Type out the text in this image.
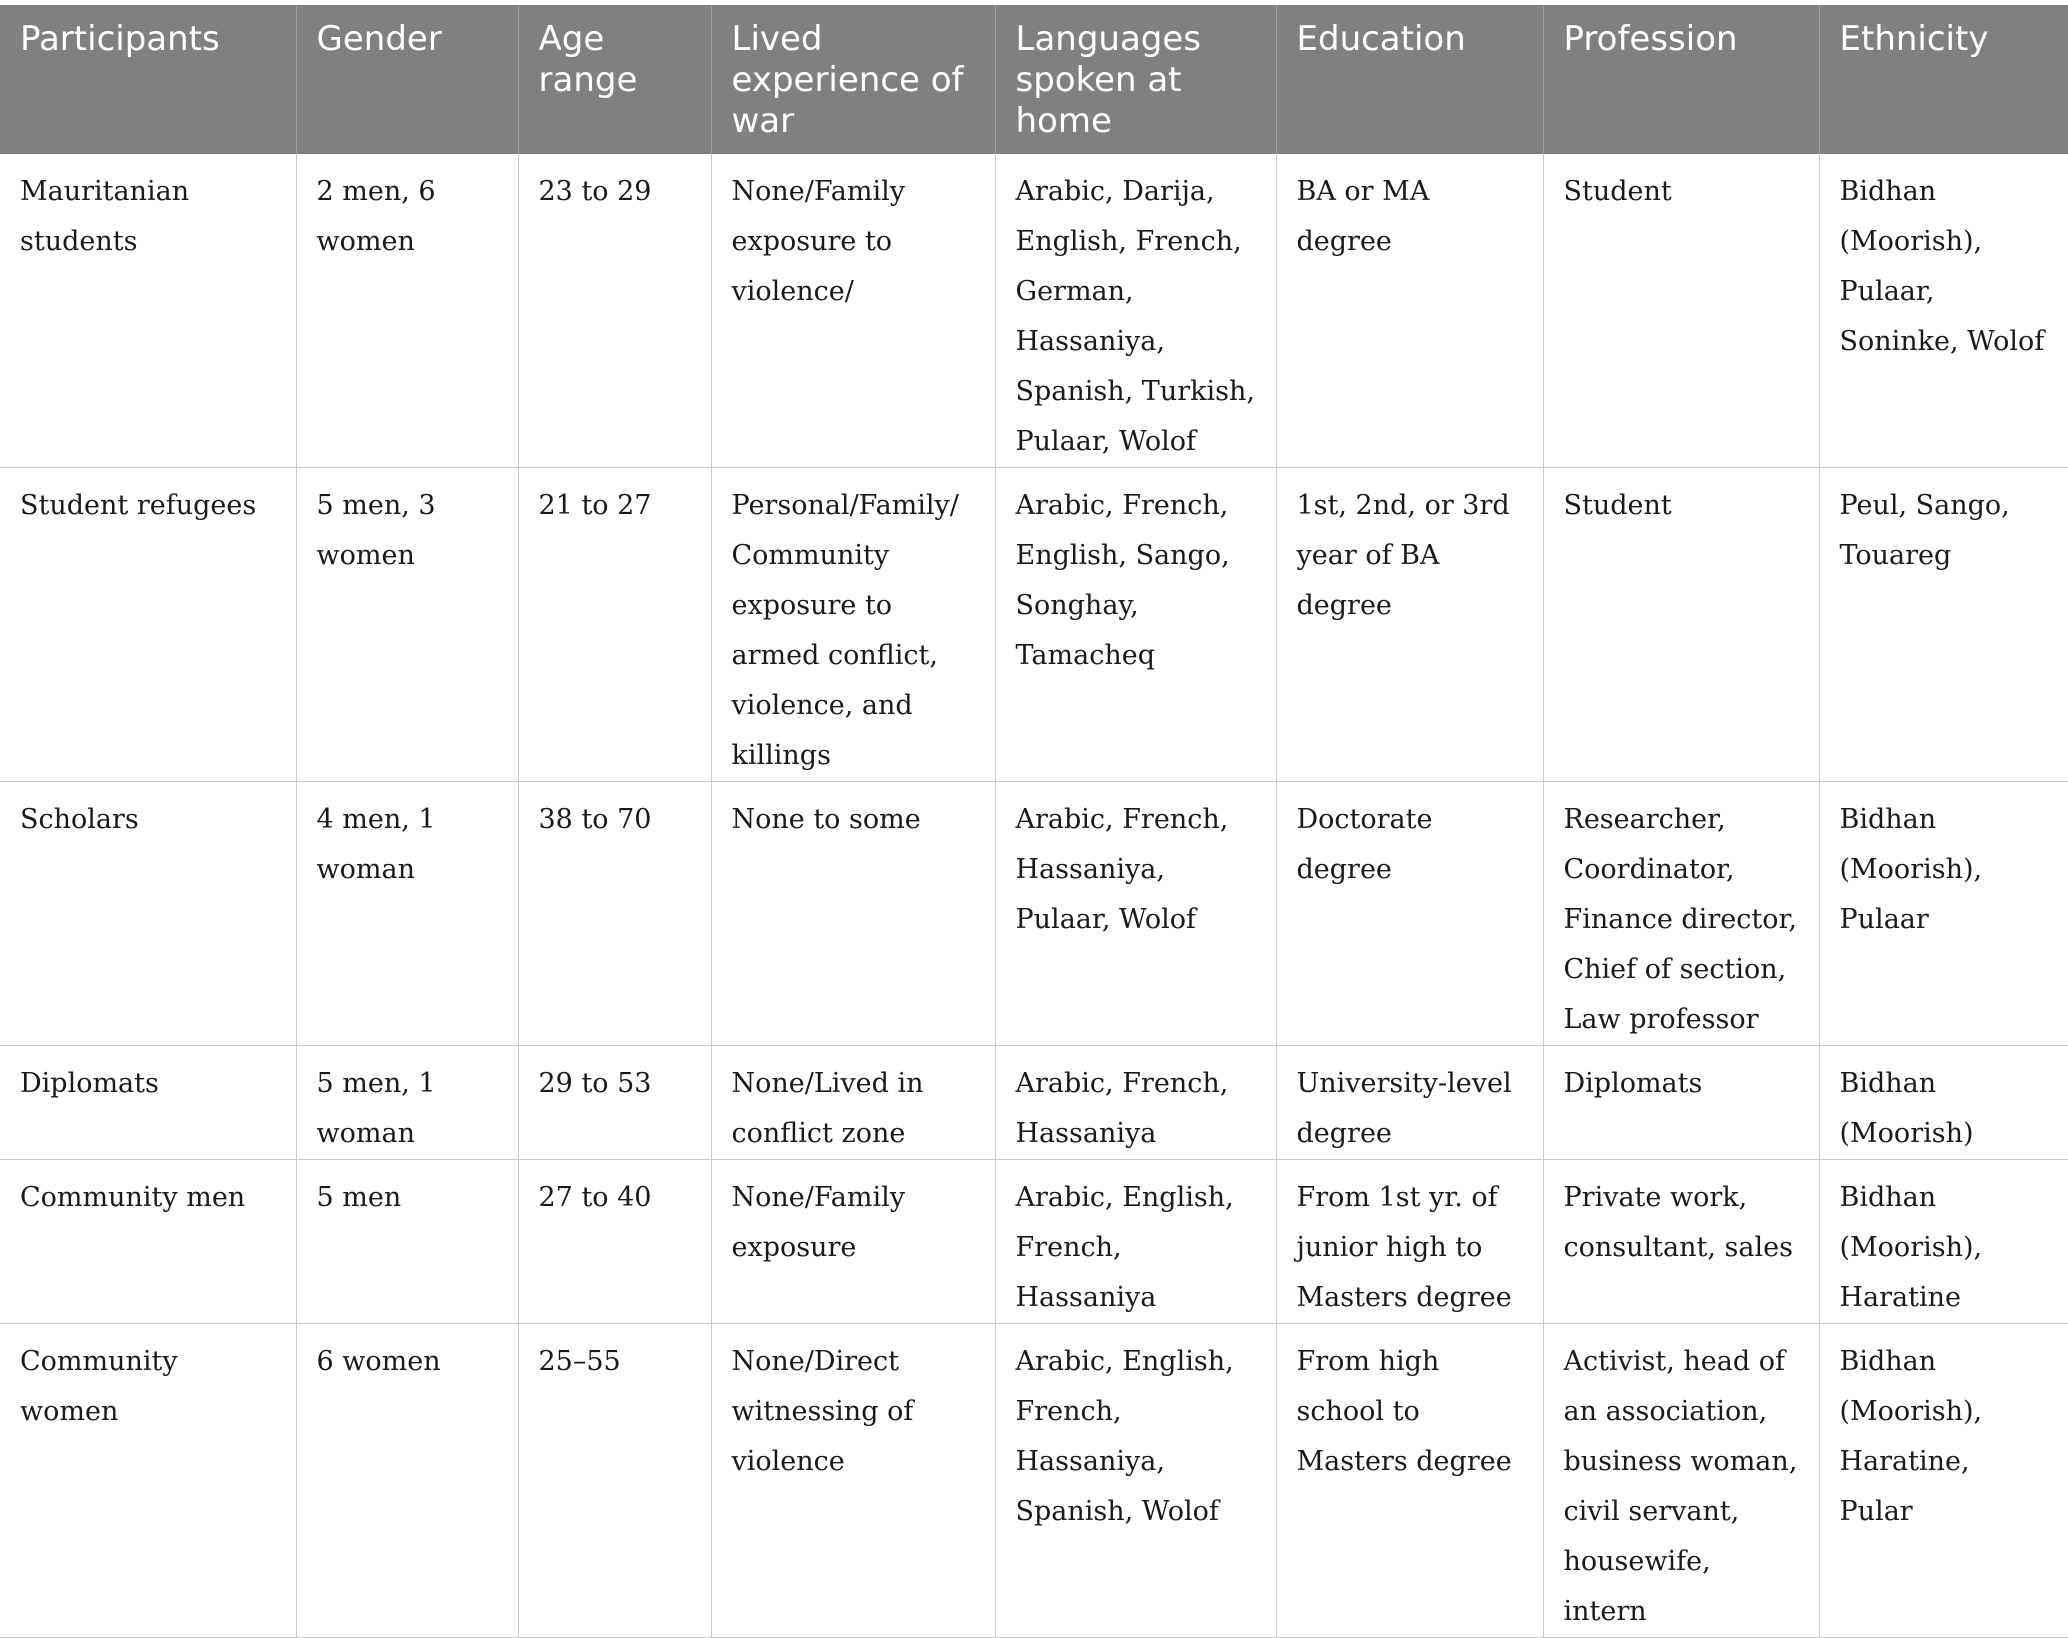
Participants	Gender	Age range	Lived experience of war	Languages spoken at home	Education	Profession	Ethnicity
Mauritanian students	2 men, 6 women	23 to 29	None/Family exposure to violence/	Arabic, Darija, English, French, German, Hassaniya, Spanish, Turkish, Pulaar, Wolof	BA or MA degree	Student	Bidhan (Moorish), Pulaar, Soninke, Wolof
Student refugees	5 men, 3 women	21 to 27	Personal/Family/ Community exposure to armed conflict, violence, and killings	Arabic, French, English, Sango, Songhay, Tamacheq	1st, 2nd, or 3rd year of BA degree	Student	Peul, Sango, Touareg
Scholars	4 men, 1 woman	38 to 70	None to some	Arabic, French, Hassaniya, Pulaar, Wolof	Doctorate degree	Researcher, Coordinator, Finance director, Chief of section, Law professor	Bidhan (Moorish), Pulaar
Diplomats	5 men, 1 woman	29 to 53	None/Lived in conflict zone	Arabic, French, Hassaniya	University-level degree	Diplomats	Bidhan (Moorish)
Community men	5 men	27 to 40	None/Family exposure	Arabic, English, French, Hassaniya	From 1st yr. of junior high to Masters degree	Private work, consultant, sales	Bidhan (Moorish), Haratine
Community women	6 women	25–55	None/Direct witnessing of violence	Arabic, English, French, Hassaniya, Spanish, Wolof	From high school to Masters degree	Activist, head of an association, business woman, civil servant, housewife, intern	Bidhan (Moorish), Haratine, Pular
